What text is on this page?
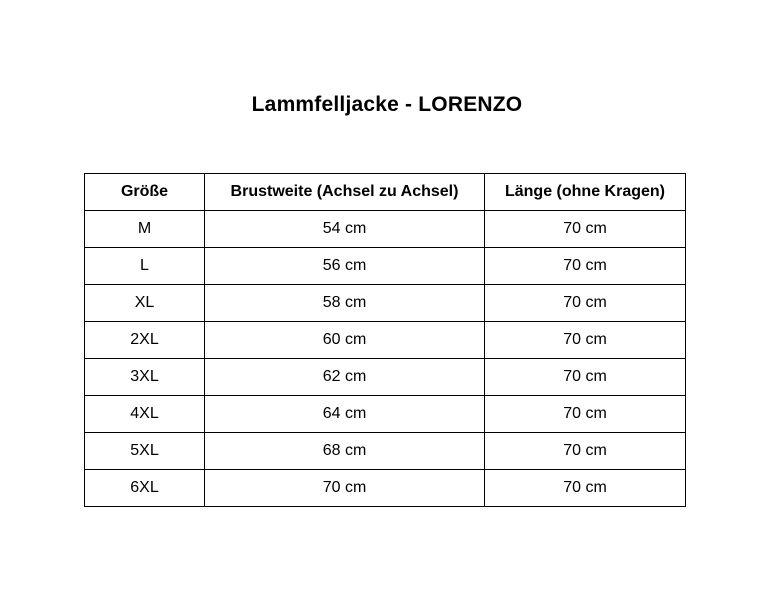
Lammfelljacke - LORENZO
Größe	Brustweite (Achsel zu Achsel)	Länge (ohne Kragen)
M	54 cm	70 cm
L	56 cm	70 cm
XL	58 cm	70 cm
2XL	60 cm	70 cm
3XL	62 cm	70 cm
4XL	64 cm	70 cm
5XL	68 cm	70 cm
6XL	70 cm	70 cm
